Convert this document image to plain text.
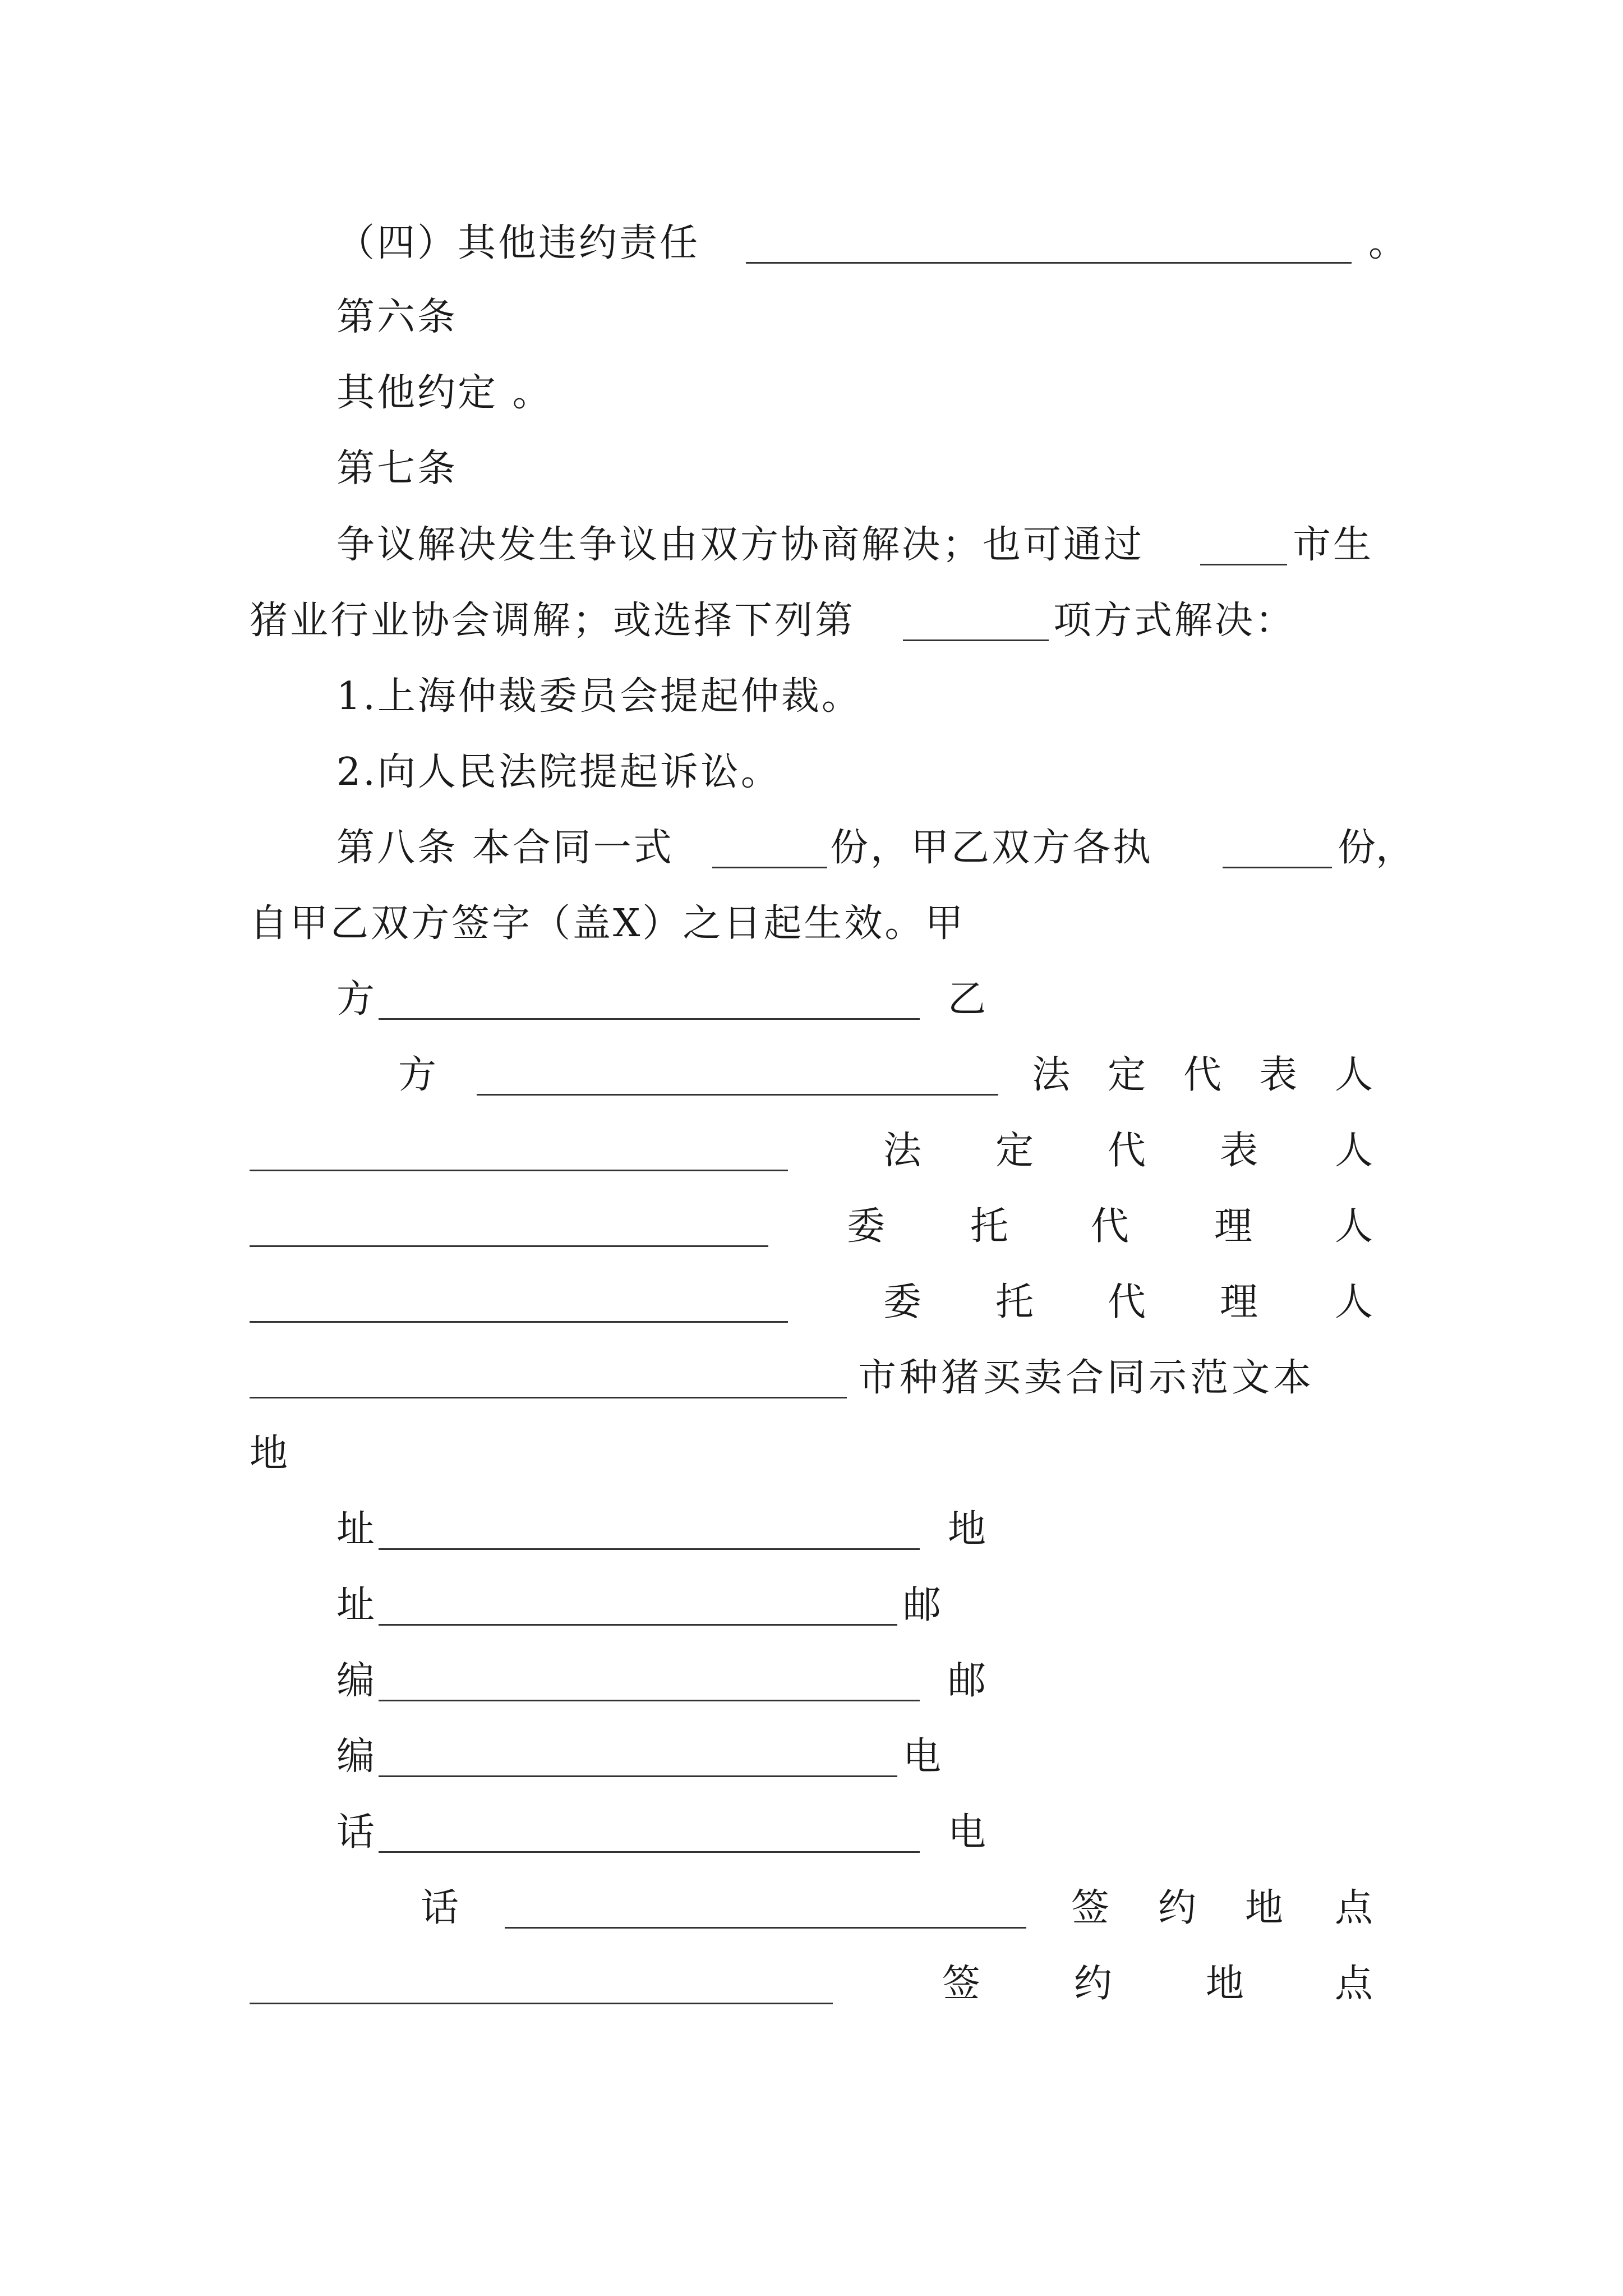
（四）其他违约责任	。
第六条
其他约定 。
第七条
争议解决发生争议由双方协商解决；也可通过	市生
猪业行业协会调解；或选择下列第	项方式解决：
1.上海仲裁委员会提起仲裁。
2.向人民法院提起诉讼。
第八条 本合同一式	份，甲乙双方各执	份，
自甲乙双方签字（盖X）之日起生效。甲
方	乙
方	法 定 代 表 人
法 定 代 表 人
委 托 代 理 人
委 托 代 理 人
市种猪买卖合同示范文本
地
址	地
址	邮
编	邮
编	电
话	电
话	签 约 地 点
签 约 地 点
